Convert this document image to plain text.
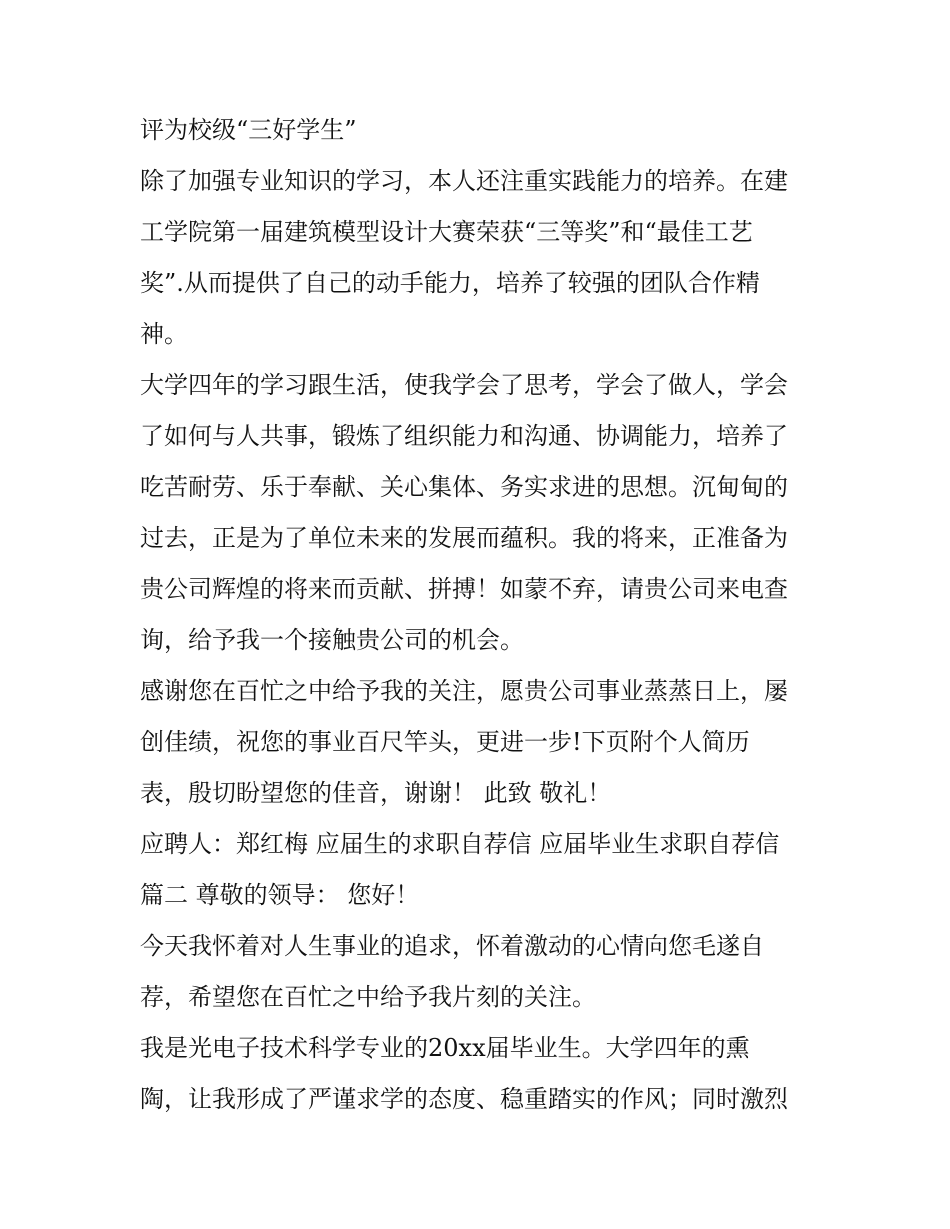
评为校级“三好学生”
除了加强专业知识的学习，本人还注重实践能力的培养。在建
工学院第一届建筑模型设计大赛荣获“三等奖”和“最佳工艺
奖”.从而提供了自己的动手能力，培养了较强的团队合作精
神。
大学四年的学习跟生活，使我学会了思考，学会了做人，学会
了如何与人共事，锻炼了组织能力和沟通、协调能力，培养了
吃苦耐劳、乐于奉献、关心集体、务实求进的思想。沉甸甸的
过去，正是为了单位未来的发展而蕴积。我的将来，正准备为
贵公司辉煌的将来而贡献、拼搏！如蒙不弃，请贵公司来电查
询，给予我一个接触贵公司的机会。
感谢您在百忙之中给予我的关注，愿贵公司事业蒸蒸日上，屡
创佳绩，祝您的事业百尺竿头，更进一步!下页附个人简历
表，殷切盼望您的佳音，谢谢！ 此致 敬礼！
应聘人：郑红梅 应届生的求职自荐信 应届毕业生求职自荐信
篇二 尊敬的领导： 您好！
今天我怀着对人生事业的追求，怀着激动的心情向您毛遂自
荐，希望您在百忙之中给予我片刻的关注。
我是光电子技术科学专业的20xx届毕业生。大学四年的熏
陶，让我形成了严谨求学的态度、稳重踏实的作风；同时激烈
